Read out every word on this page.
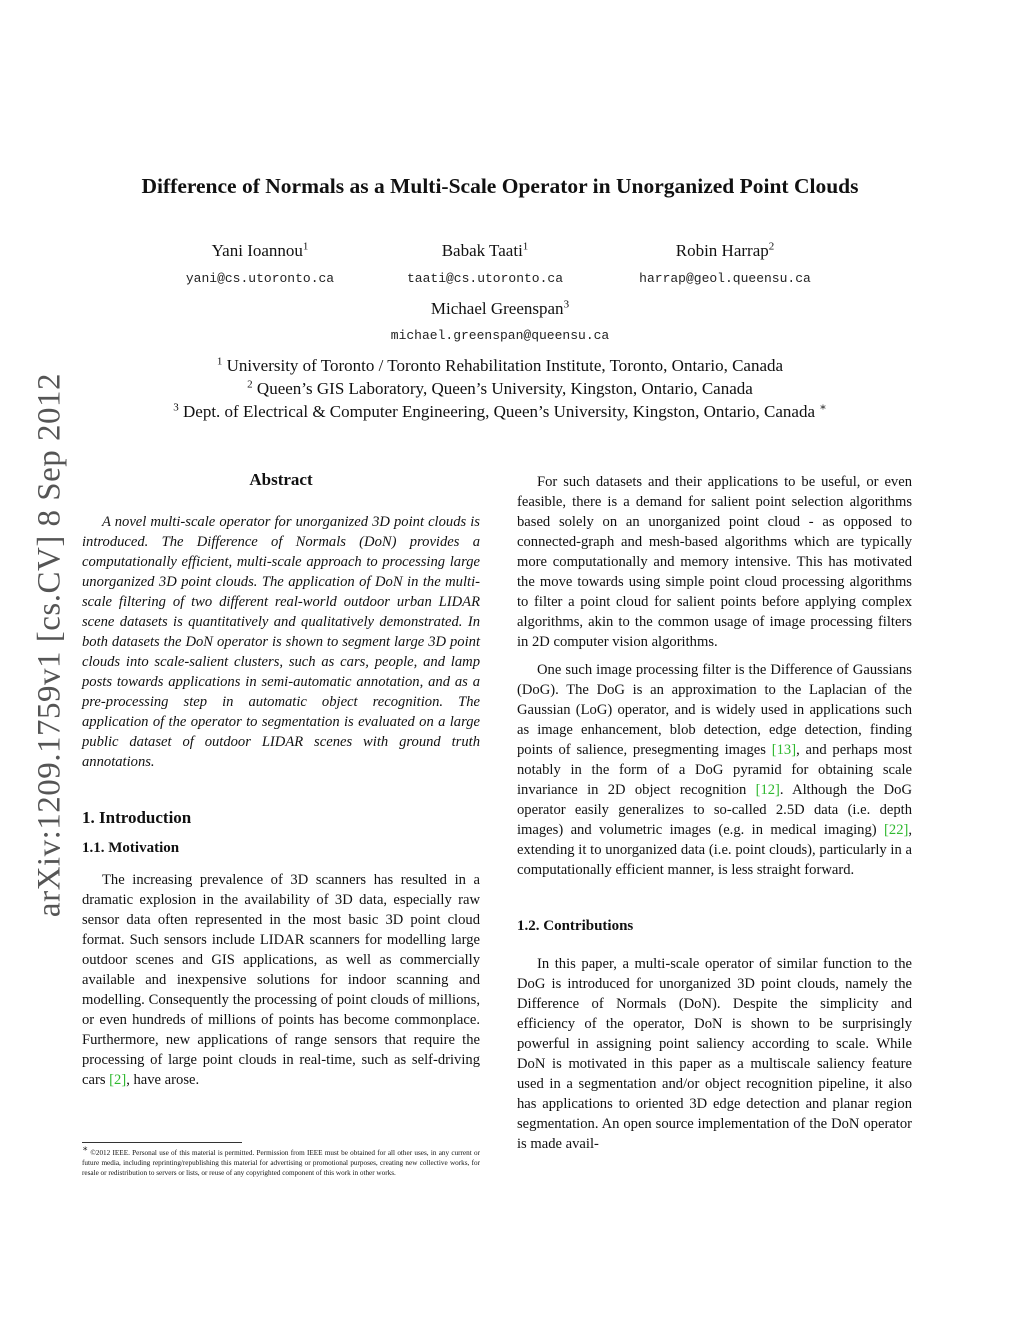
arXiv:1209.1759v1 [cs.CV] 8 Sep 2012
Difference of Normals as a Multi-Scale Operator in Unorganized Point Clouds
Yani Ioannou$^1$
yani@cs.utoronto.ca
Babak Taati$^1$
taati@cs.utoronto.ca
Robin Harrap$^2$
harrap@geol.queensu.ca
Michael Greenspan$^3$
michael.greenspan@queensu.ca
$^1$ University of Toronto / Toronto Rehabilitation Institute, Toronto, Ontario, Canada
$^2$ Queen’s GIS Laboratory, Queen’s University, Kingston, Ontario, Canada
$^3$ Dept. of Electrical & Computer Engineering, Queen’s University, Kingston, Ontario, Canada ∗
Abstract

A novel multi-scale operator for unorganized 3D point clouds is introduced. The Difference of Normals (DoN) provides a computationally efficient, multi-scale approach to processing large unorganized 3D point clouds. The application of DoN in the multi-scale filtering of two different real-world outdoor urban LIDAR scene datasets is quantitatively and qualitatively demonstrated. In both datasets the DoN operator is shown to segment large 3D point clouds into scale-salient clusters, such as cars, people, and lamp posts towards applications in semi-automatic annotation, and as a pre-processing step in automatic object recognition. The application of the operator to segmentation is evaluated on a large public dataset of outdoor LIDAR scenes with ground truth annotations.

1. Introduction
1.1. Motivation

The increasing prevalence of 3D scanners has resulted in a dramatic explosion in the availability of 3D data, especially raw sensor data often represented in the most basic 3D point cloud format. Such sensors include LIDAR scanners for modelling large outdoor scenes and GIS applications, as well as commercially available and inexpensive solutions for indoor scanning and modelling. Consequently the processing of point clouds of millions, or even hundreds of millions of points has become commonplace. Furthermore, new applications of range sensors that require the processing of large point clouds in real-time, such as self-driving cars [2], have arose.

∗ ©2012 IEEE. Personal use of this material is permitted. Permission from IEEE must be obtained for all other uses, in any current or future media, including reprinting/republishing this material for advertising or promotional purposes, creating new collective works, for resale or redistribution to servers or lists, or reuse of any copyrighted component of this work in other works.

For such datasets and their applications to be useful, or even feasible, there is a demand for salient point selection algorithms based solely on an unorganized point cloud - as opposed to connected-graph and mesh-based algorithms which are typically more computationally and memory intensive. This has motivated the move towards using simple point cloud processing algorithms to filter a point cloud for salient points before applying complex algorithms, akin to the common usage of image processing filters in 2D computer vision algorithms.

One such image processing filter is the Difference of Gaussians (DoG). The DoG is an approximation to the Laplacian of the Gaussian (LoG) operator, and is widely used in applications such as image enhancement, blob detection, edge detection, finding points of salience, presegmenting images [13], and perhaps most notably in the form of a DoG pyramid for obtaining scale invariance in 2D object recognition [12]. Although the DoG operator easily generalizes to so-called 2.5D data (i.e. depth images) and volumetric images (e.g. in medical imaging) [22], extending it to unorganized data (i.e. point clouds), particularly in a computationally efficient manner, is less straight forward.

1.2. Contributions

In this paper, a multi-scale operator of similar function to the DoG is introduced for unorganized 3D point clouds, namely the Difference of Normals (DoN). Despite the simplicity and efficiency of the operator, DoN is shown to be surprisingly powerful in assigning point saliency according to scale. While DoN is motivated in this paper as a multiscale saliency feature used in a segmentation and/or object recognition pipeline, it also has applications to oriented 3D edge detection and planar region segmentation. An open source implementation of the DoN operator is made avail-
